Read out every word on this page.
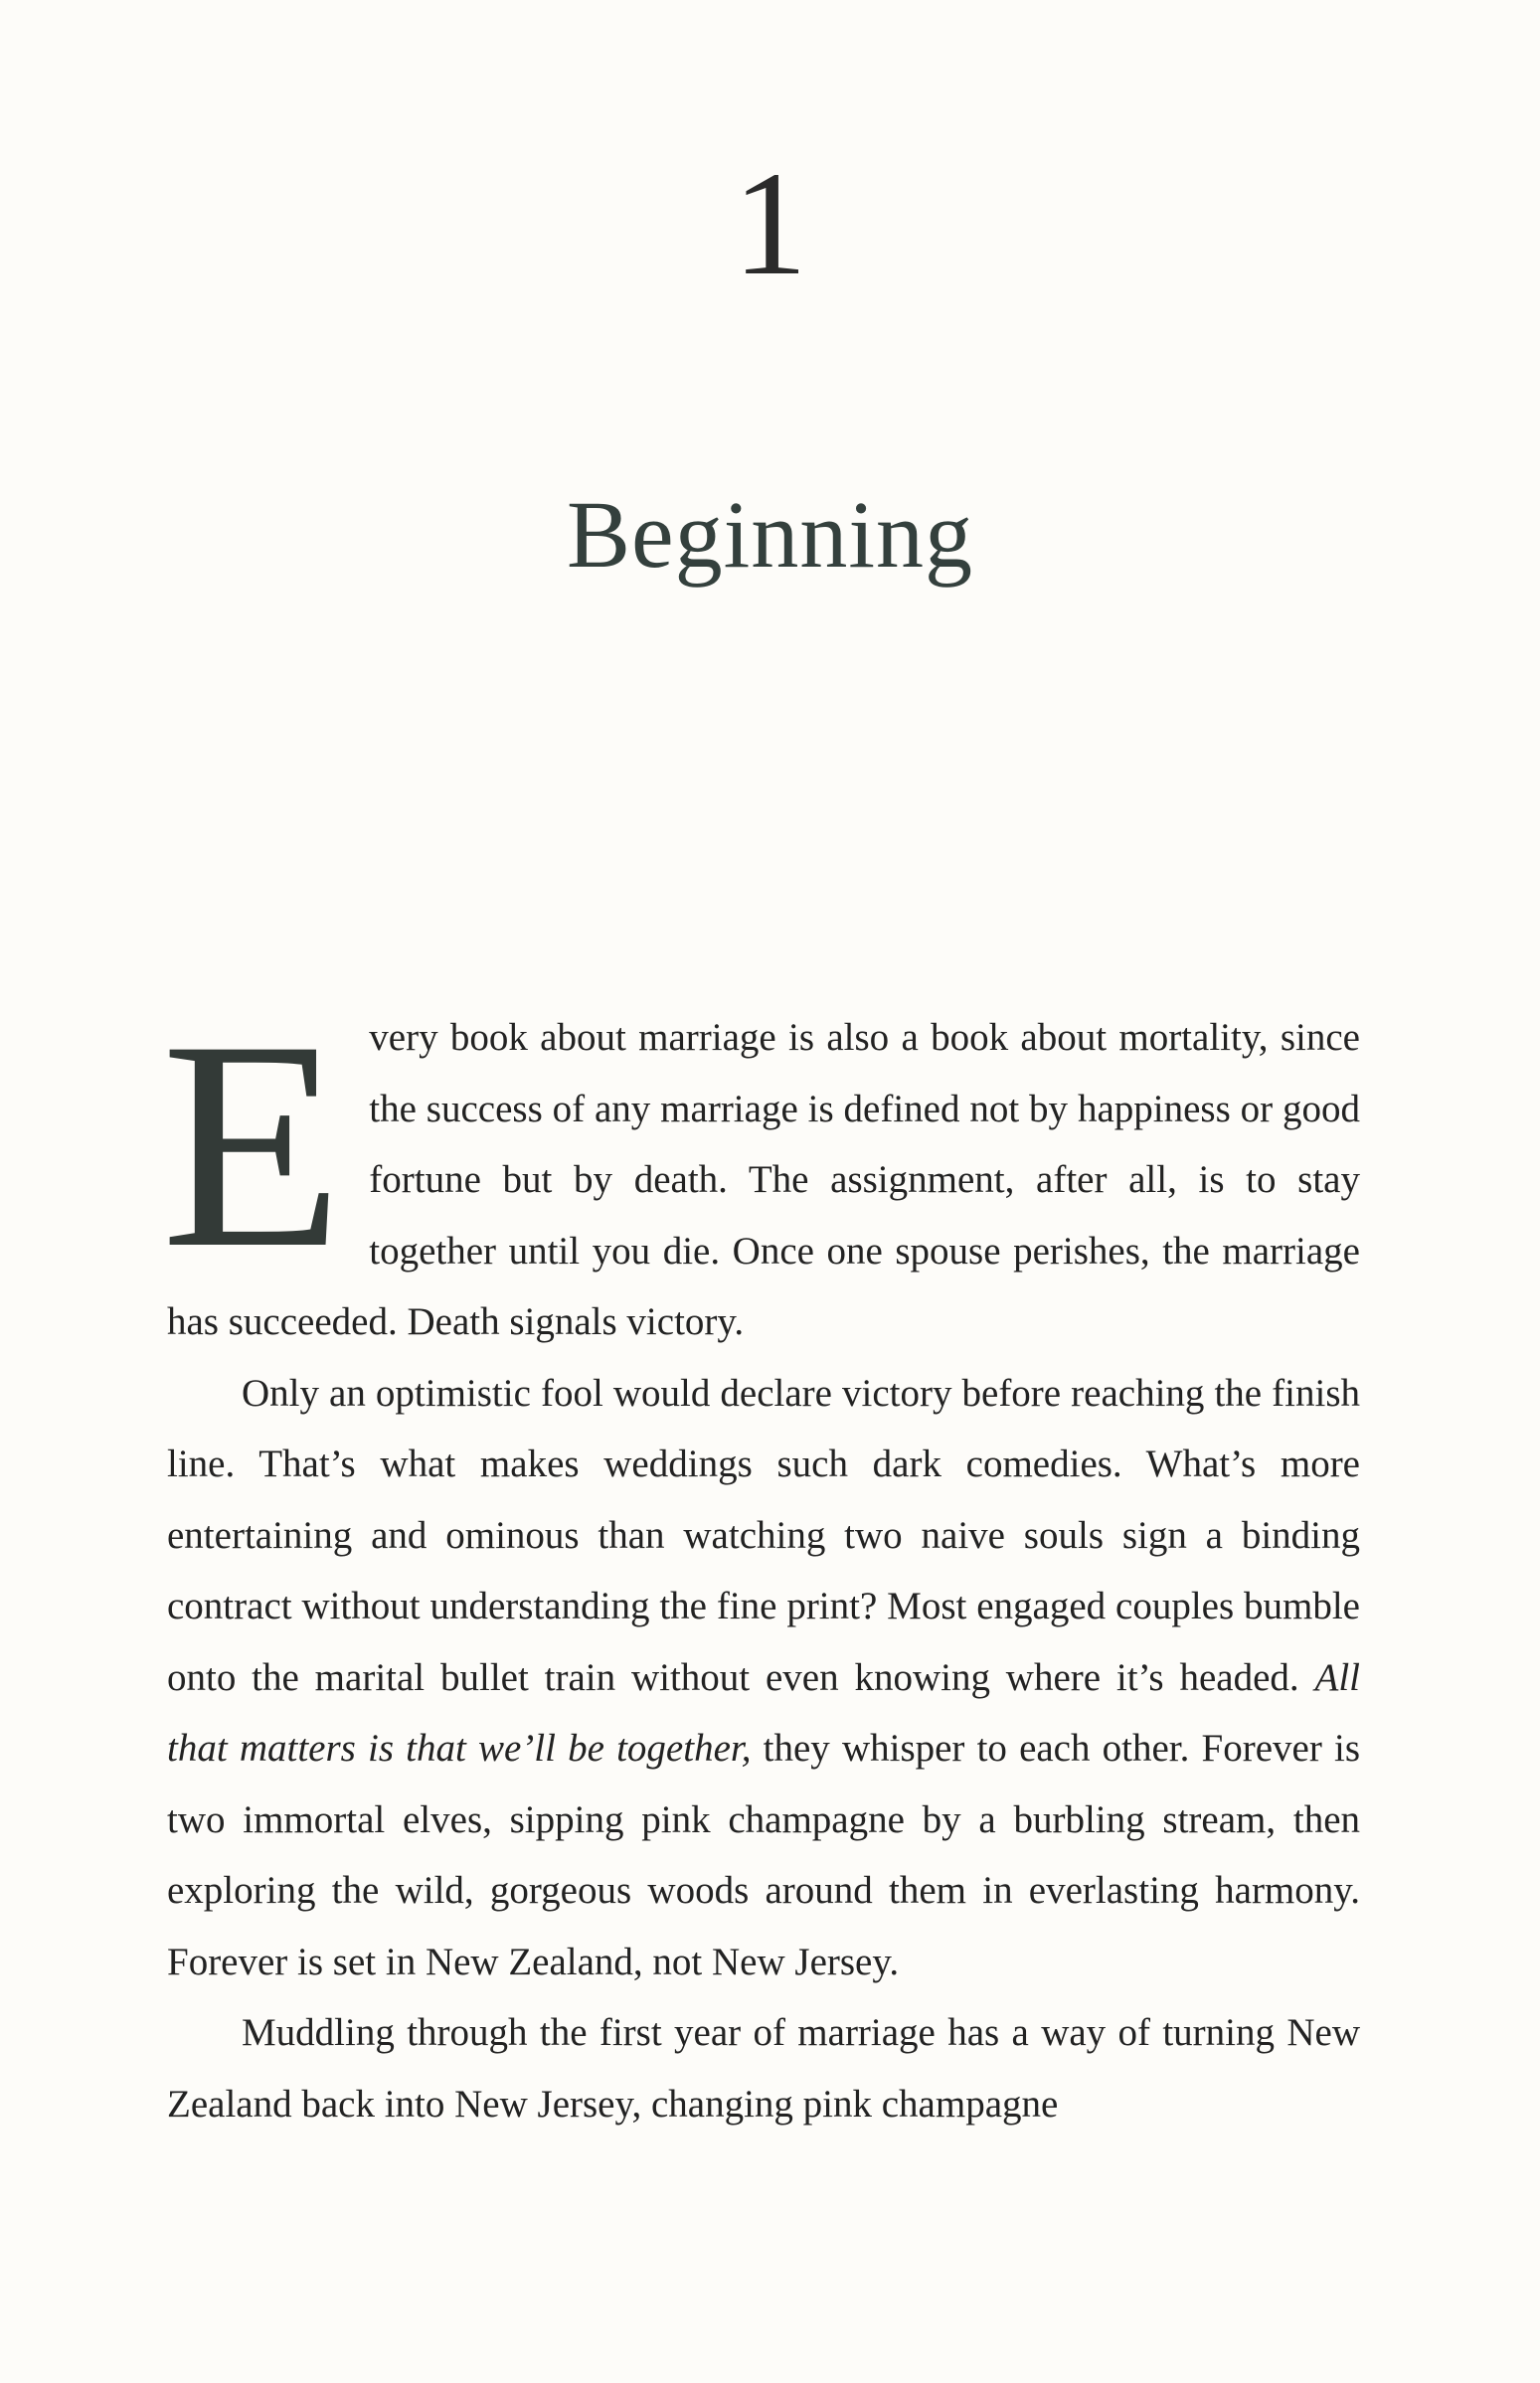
1
Beginning

Every book about marriage is also a book about mortality, since the success of any marriage is defined not by happiness or good fortune but by death. The assignment, after all, is to stay together until you die. Once one spouse perishes, the marriage has succeeded. Death signals victory.

Only an optimistic fool would declare victory before reaching the finish line. That’s what makes weddings such dark comedies. What’s more entertaining and ominous than watching two naive souls sign a binding contract without understanding the fine print? Most engaged couples bumble onto the marital bullet train without even knowing where it’s headed. All that matters is that we’ll be together, they whisper to each other. Forever is two immortal elves, sipping pink champagne by a burbling stream, then exploring the wild, gorgeous woods around them in everlasting harmony. Forever is set in New Zealand, not New Jersey.

Muddling through the first year of marriage has a way of turning New Zealand back into New Jersey, changing pink champagne
